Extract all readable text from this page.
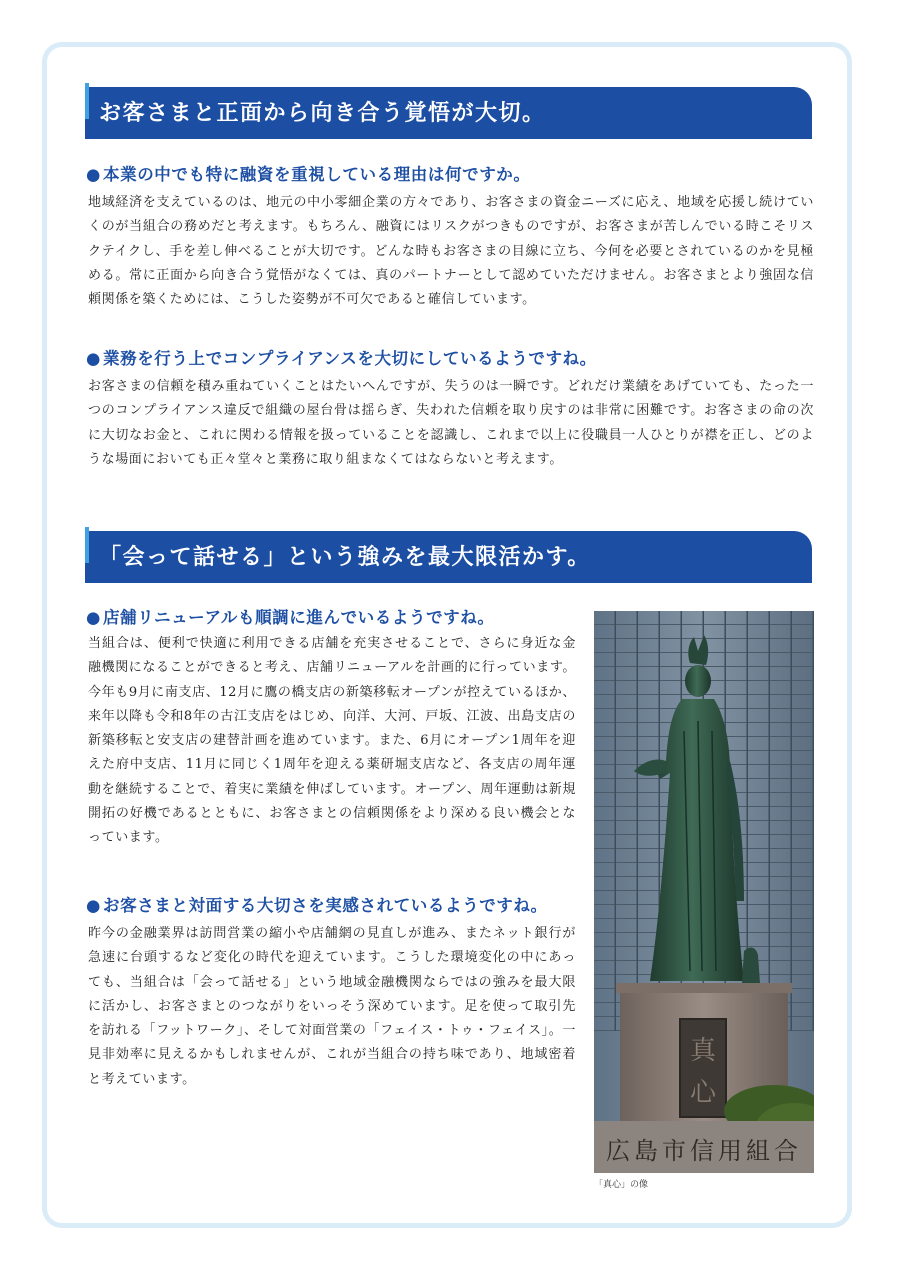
お客さまと正面から向き合う覚悟が大切。
● 本業の中でも特に融資を重視している理由は何ですか。
地域経済を支えているのは、地元の中小零細企業の方々であり、お客さまの資金ニーズに応え、地域を応援し続けていくのが当組合の務めだと考えます。もちろん、融資にはリスクがつきものですが、お客さまが苦しんでいる時こそリスクテイクし、手を差し伸べることが大切です。どんな時もお客さまの目線に立ち、今何を必要とされているのかを見極める。常に正面から向き合う覚悟がなくては、真のパートナーとして認めていただけません。お客さまとより強固な信頼関係を築くためには、こうした姿勢が不可欠であると確信しています。
● 業務を行う上でコンプライアンスを大切にしているようですね。
お客さまの信頼を積み重ねていくことはたいへんですが、失うのは一瞬です。どれだけ業績をあげていても、たった一つのコンプライアンス違反で組織の屋台骨は揺らぎ、失われた信頼を取り戻すのは非常に困難です。お客さまの命の次に大切なお金と、これに関わる情報を扱っていることを認識し、これまで以上に役職員一人ひとりが襟を正し、どのような場面においても正々堂々と業務に取り組まなくてはならないと考えます。
「会って話せる」という強みを最大限活かす。
● 店舗リニューアルも順調に進んでいるようですね。
当組合は、便利で快適に利用できる店舗を充実させることで、さらに身近な金融機関になることができると考え、店舗リニューアルを計画的に行っています。今年も9月に南支店、12月に鷹の橋支店の新築移転オープンが控えているほか、来年以降も令和8年の古江支店をはじめ、向洋、大河、戸坂、江波、出島支店の新築移転と安支店の建替計画を進めています。また、6月にオープン1周年を迎えた府中支店、11月に同じく1周年を迎える薬研堀支店など、各支店の周年運動を継続することで、着実に業績を伸ばしています。オープン、周年運動は新規開拓の好機であるとともに、お客さまとの信頼関係をより深める良い機会となっています。
● お客さまと対面する大切さを実感されているようですね。
昨今の金融業界は訪問営業の縮小や店舗網の見直しが進み、またネット銀行が急速に台頭するなど変化の時代を迎えています。こうした環境変化の中にあっても、当組合は「会って話せる」という地域金融機関ならではの強みを最大限に活かし、お客さまとのつながりをいっそう深めています。足を使って取引先を訪れる「フットワーク」、そして対面営業の「フェイス・トゥ・フェイス」。一見非効率に見えるかもしれませんが、これが当組合の持ち味であり、地域密着と考えています。
真
心
広島市信用組合
「真心」の像
